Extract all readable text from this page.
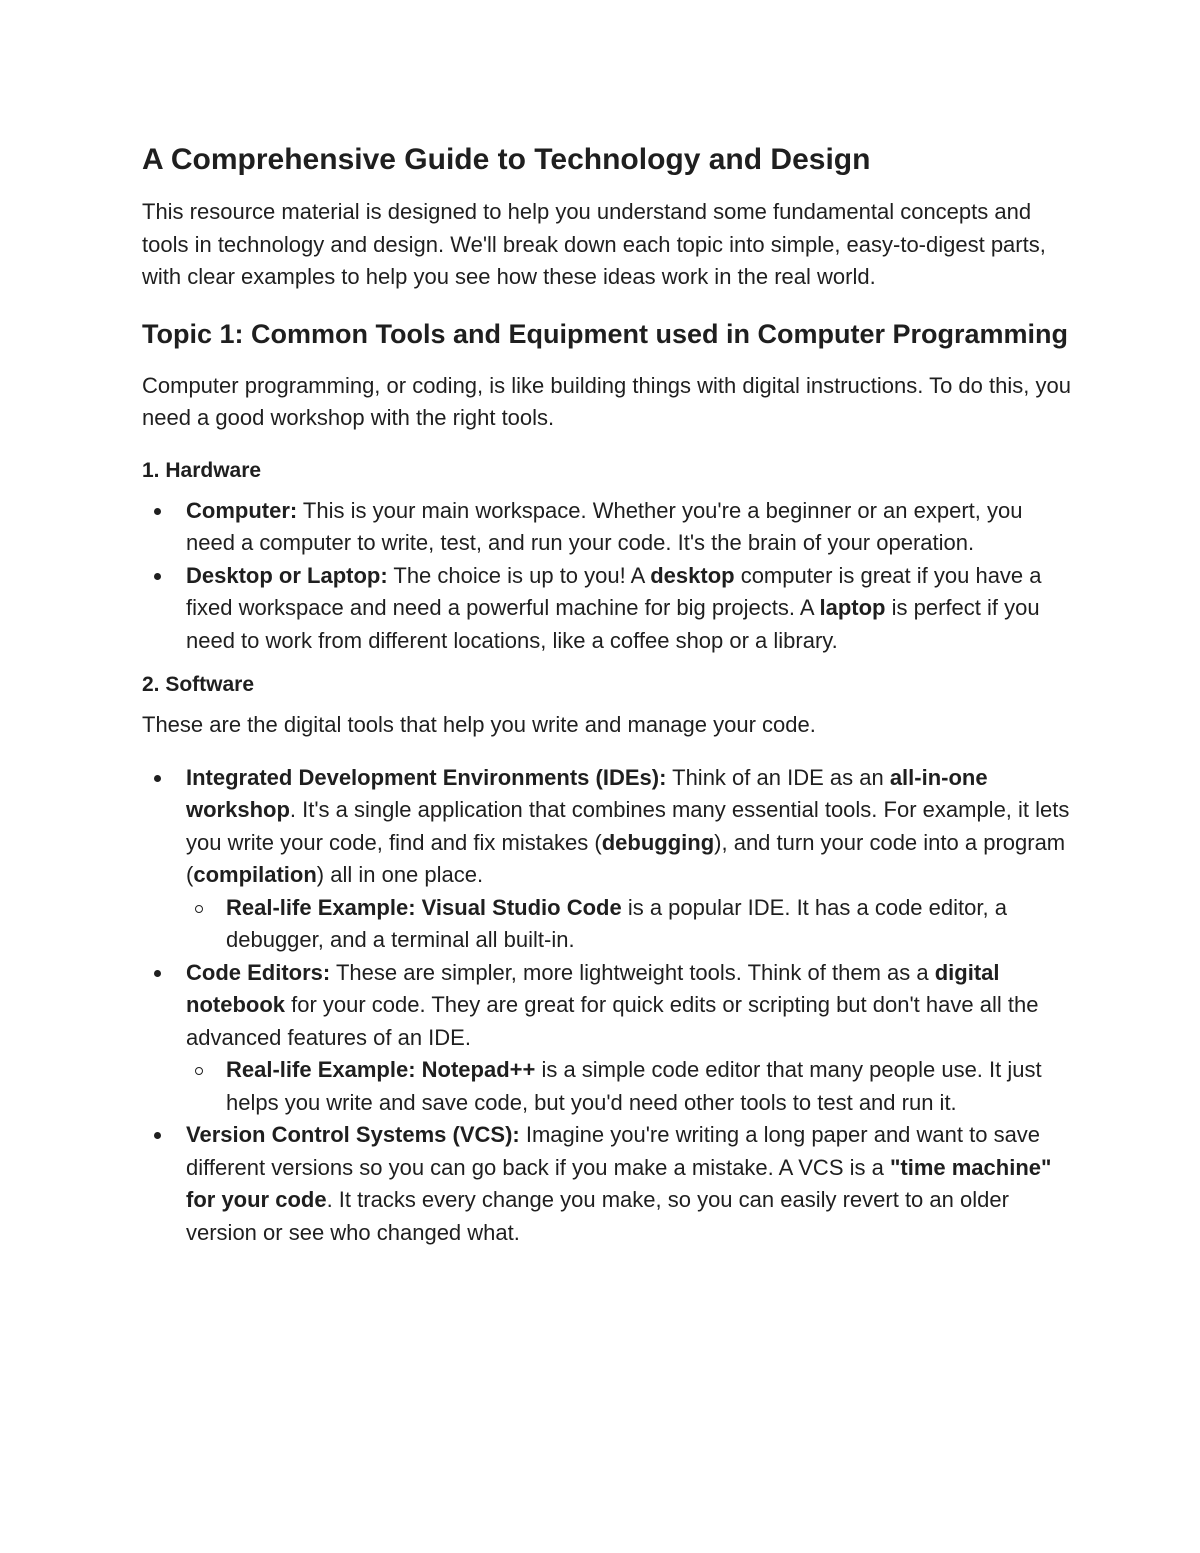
A Comprehensive Guide to Technology and Design

This resource material is designed to help you understand some fundamental concepts and tools in technology and design. We'll break down each topic into simple, easy-to-digest parts, with clear examples to help you see how these ideas work in the real world.

Topic 1: Common Tools and Equipment used in Computer Programming

Computer programming, or coding, is like building things with digital instructions. To do this, you need a good workshop with the right tools.

1. Hardware
Computer: This is your main workspace. Whether you're a beginner or an expert, you need a computer to write, test, and run your code. It's the brain of your operation.
Desktop or Laptop: The choice is up to you! A desktop computer is great if you have a fixed workspace and need a powerful machine for big projects. A laptop is perfect if you need to work from different locations, like a coffee shop or a library.
2. Software

These are the digital tools that help you write and manage your code.

Integrated Development Environments (IDEs): Think of an IDE as an all-in-one workshop. It's a single application that combines many essential tools. For example, it lets you write your code, find and fix mistakes (debugging), and turn your code into a program (compilation) all in one place.
Real-life Example: Visual Studio Code is a popular IDE. It has a code editor, a debugger, and a terminal all built-in.
Code Editors: These are simpler, more lightweight tools. Think of them as a digital notebook for your code. They are great for quick edits or scripting but don't have all the advanced features of an IDE.
Real-life Example: Notepad++ is a simple code editor that many people use. It just helps you write and save code, but you'd need other tools to test and run it.
Version Control Systems (VCS): Imagine you're writing a long paper and want to save different versions so you can go back if you make a mistake. A VCS is a "time machine" for your code. It tracks every change you make, so you can easily revert to an older version or see who changed what.
